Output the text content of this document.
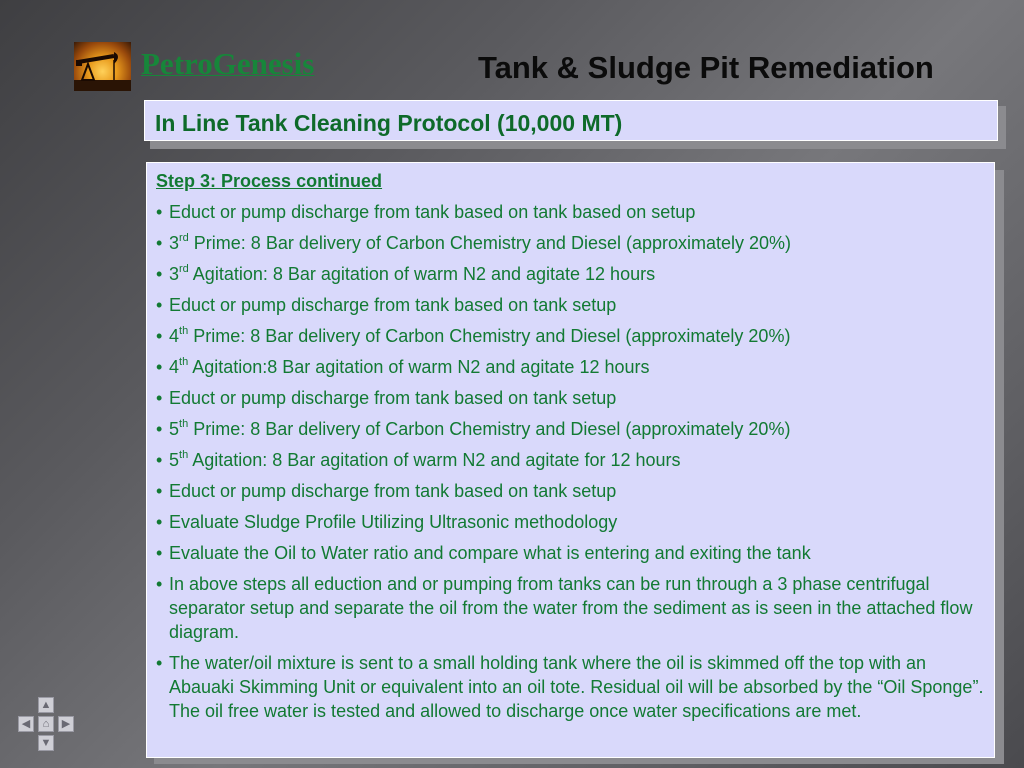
PetroGenesis	Tank & Sludge Pit Remediation
In Line Tank Cleaning Protocol (10,000 MT)
Step 3: Process continued
• Educt or pump discharge from tank based on tank based on setup
• 3rd Prime: 8 Bar delivery of Carbon Chemistry and Diesel (approximately 20%)
• 3rd Agitation: 8 Bar agitation of warm N2 and agitate 12 hours
• Educt or pump discharge from tank based on tank setup
• 4th Prime: 8 Bar delivery of Carbon Chemistry and Diesel (approximately 20%)
• 4th Agitation:8 Bar agitation of warm N2 and agitate 12 hours
• Educt or pump discharge from tank based on tank setup
• 5th Prime: 8 Bar delivery of Carbon Chemistry and Diesel (approximately 20%)
• 5th Agitation: 8 Bar agitation of warm N2 and agitate for 12 hours
• Educt or pump discharge from tank based on tank setup
• Evaluate Sludge Profile Utilizing Ultrasonic methodology
• Evaluate the Oil to Water ratio and compare what is entering and exiting the tank
• In above steps all eduction and or pumping from tanks can be run through a 3 phase centrifugal separator setup and separate the oil from the water from the sediment as is seen in the attached flow diagram.
• The water/oil mixture is sent to a small holding tank where the oil is skimmed off the top with an Abauaki Skimming Unit or equivalent into an oil tote. Residual oil will be absorbed by the “Oil Sponge”. The oil free water is tested and allowed to discharge once water specifications are met.
▲
◀	⌂	▶
▼
